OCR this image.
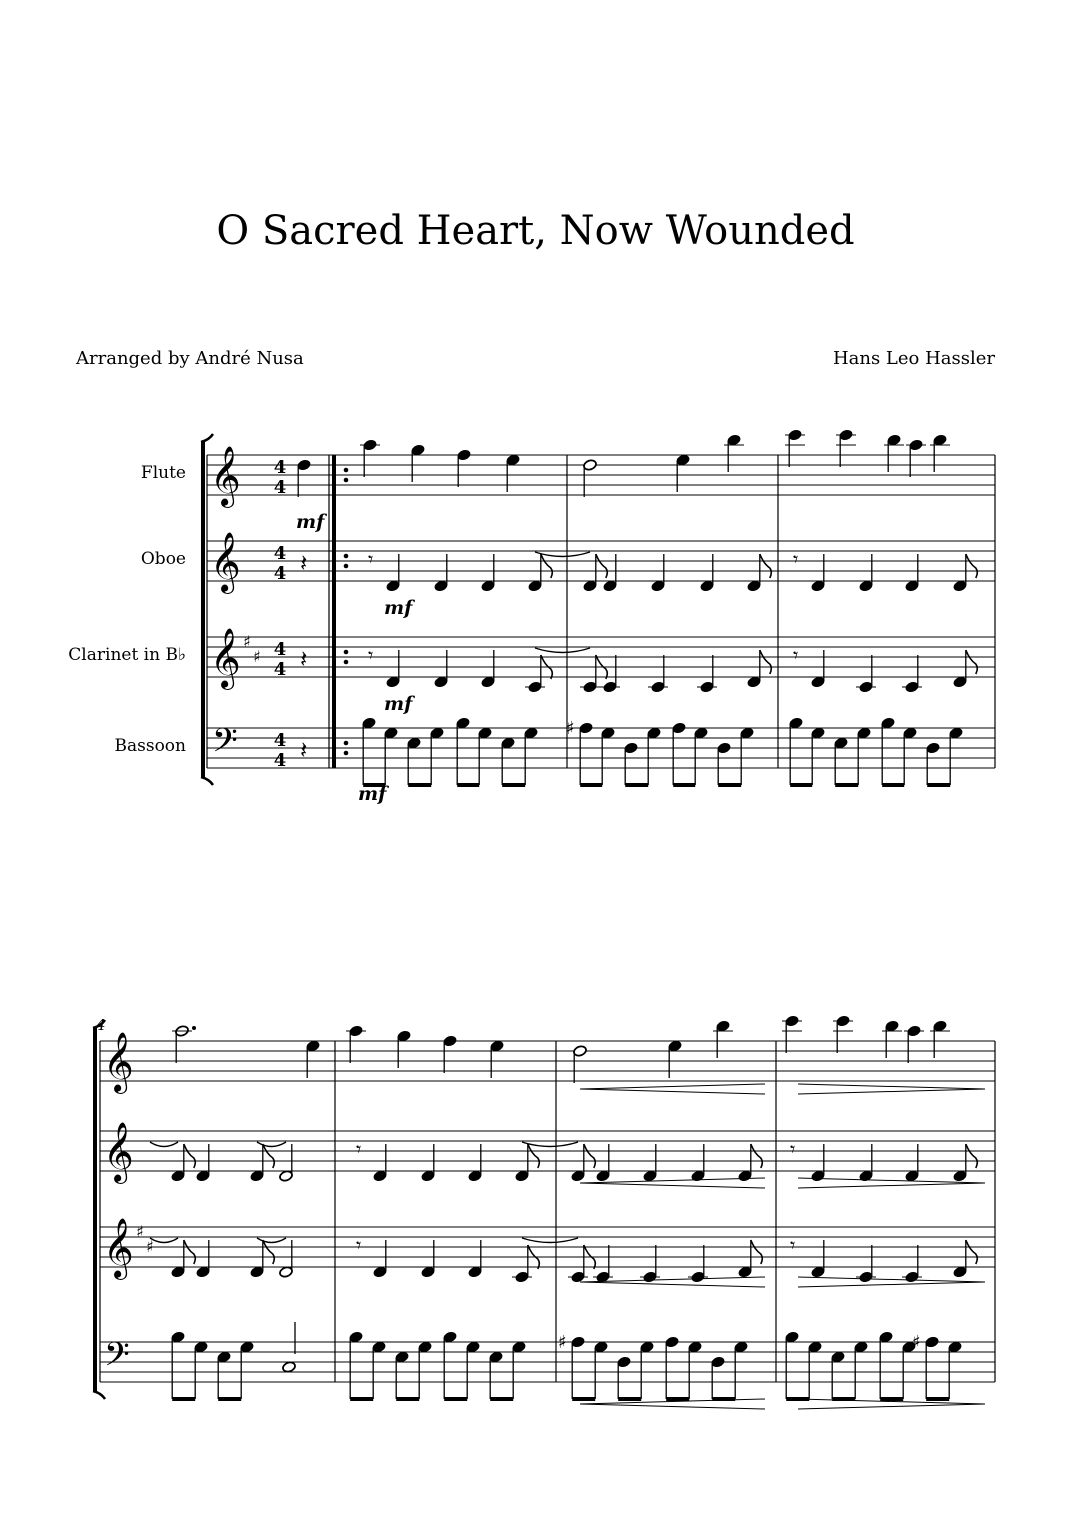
O Sacred Heart, Now Wounded
Arranged by André Nusa	Hans Leo Hassler
Flute
Oboe
Clarinet in B♭
Bassoon
4
𝄞
𝄞
𝄞
𝄢
♯
♯
4
4
4
4
4
4
4
4
mf
𝄽	𝄾
mf
𝄾
𝄽	𝄾
mf
𝄾
𝄽
♯
mf
𝄞
𝄞
𝄞
𝄢
♯
♯
𝄾	𝄾
𝄾	𝄾
♯	♯
